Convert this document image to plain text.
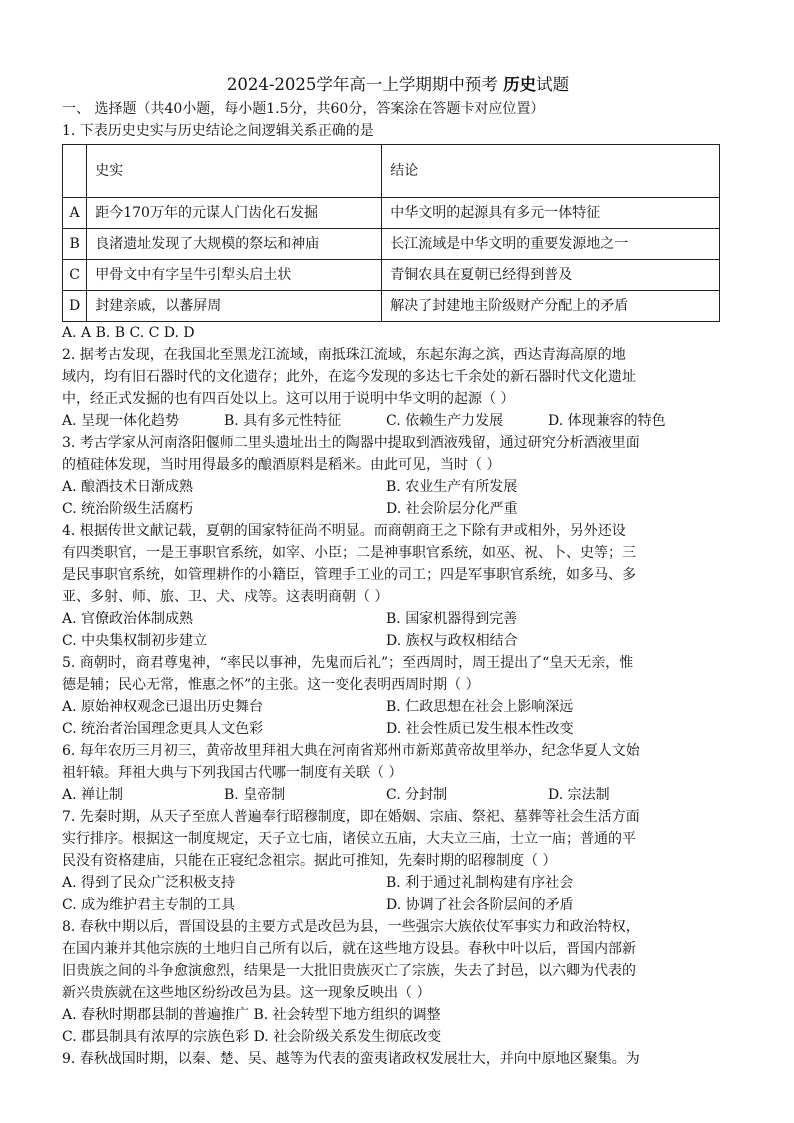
2024-2025学年高一上学期期中预考 历史试题
一、 选择题（共40小题，每小题1.5分，共60分，答案涂在答题卡对应位置）
1. 下表历史史实与历史结论之间逻辑关系正确的是
	史实	结论
A	距今170万年的元谋人门齿化石发掘	中华文明的起源具有多元一体特征
B	良渚遗址发现了大规模的祭坛和神庙	长江流域是中华文明的重要发源地之一
C	甲骨文中有字呈牛引犁头启土状	青铜农具在夏朝已经得到普及
D	封建亲戚，以蕃屏周	解决了封建地主阶级财产分配上的矛盾
A. A B. B C. C D. D
2. 据考古发现，在我国北至黑龙江流域，南抵珠江流域，东起东海之滨，西达青海高原的地
域内，均有旧石器时代的文化遗存；此外，在迄今发现的多达七千余处的新石器时代文化遗址
中，经正式发掘的也有四百处以上。这可以用于说明中华文明的起源（ ）
A. 呈现一体化趋势	B. 具有多元性特征	C. 依赖生产力发展	D. 体现兼容的特色
3. 考古学家从河南洛阳偃师二里头遗址出土的陶器中提取到酒液残留，通过研究分析酒液里面
的植硅体发现，当时用得最多的酿酒原料是稻米。由此可见，当时（ ）
A. 酿酒技术日渐成熟	B. 农业生产有所发展
C. 统治阶级生活腐朽	D. 社会阶层分化严重
4. 根据传世文献记载，夏朝的国家特征尚不明显。而商朝商王之下除有尹或相外，另外还设
有四类职官，一是王事职官系统，如宰、小臣；二是神事职官系统，如巫、祝、卜、史等；三
是民事职官系统，如管理耕作的小籍臣，管理手工业的司工；四是军事职官系统，如多马、多
亚、多射、师、旅、卫、犬、戍等。这表明商朝（ ）
A. 官僚政治体制成熟	B. 国家机器得到完善
C. 中央集权制初步建立	D. 族权与政权相结合
5. 商朝时，商君尊鬼神，“率民以事神，先鬼而后礼”；至西周时，周王提出了“皇天无亲，惟
德是辅；民心无常，惟惠之怀”的主张。这一变化表明西周时期（ ）
A. 原始神权观念已退出历史舞台	B. 仁政思想在社会上影响深远
C. 统治者治国理念更具人文色彩	D. 社会性质已发生根本性改变
6. 每年农历三月初三，黄帝故里拜祖大典在河南省郑州市新郑黄帝故里举办，纪念华夏人文始
祖轩辕。拜祖大典与下列我国古代哪一制度有关联（ ）
A. 禅让制	B. 皇帝制	C. 分封制	D. 宗法制
7. 先秦时期，从天子至庶人普遍奉行昭穆制度，即在婚姻、宗庙、祭祀、墓葬等社会生活方面
实行排序。根据这一制度规定，天子立七庙，诸侯立五庙，大夫立三庙，士立一庙；普通的平
民没有资格建庙，只能在正寝纪念祖宗。据此可推知，先秦时期的昭穆制度（ ）
A. 得到了民众广泛积极支持	B. 利于通过礼制构建有序社会
C. 成为维护君主专制的工具	D. 协调了社会各阶层间的矛盾
8. 春秋中期以后，晋国设县的主要方式是改邑为县，一些强宗大族依仗军事实力和政治特权，
在国内兼并其他宗族的土地归自己所有以后，就在这些地方设县。春秋中叶以后，晋国内部新
旧贵族之间的斗争愈演愈烈，结果是一大批旧贵族灭亡了宗族，失去了封邑，以六卿为代表的
新兴贵族就在这些地区纷纷改邑为县。这一现象反映出（ ）
A. 春秋时期郡县制的普遍推广 B. 社会转型下地方组织的调整
C. 郡县制具有浓厚的宗族色彩 D. 社会阶级关系发生彻底改变
9. 春秋战国时期，以秦、楚、吴、越等为代表的蛮夷诸政权发展壮大，并向中原地区聚集。为
